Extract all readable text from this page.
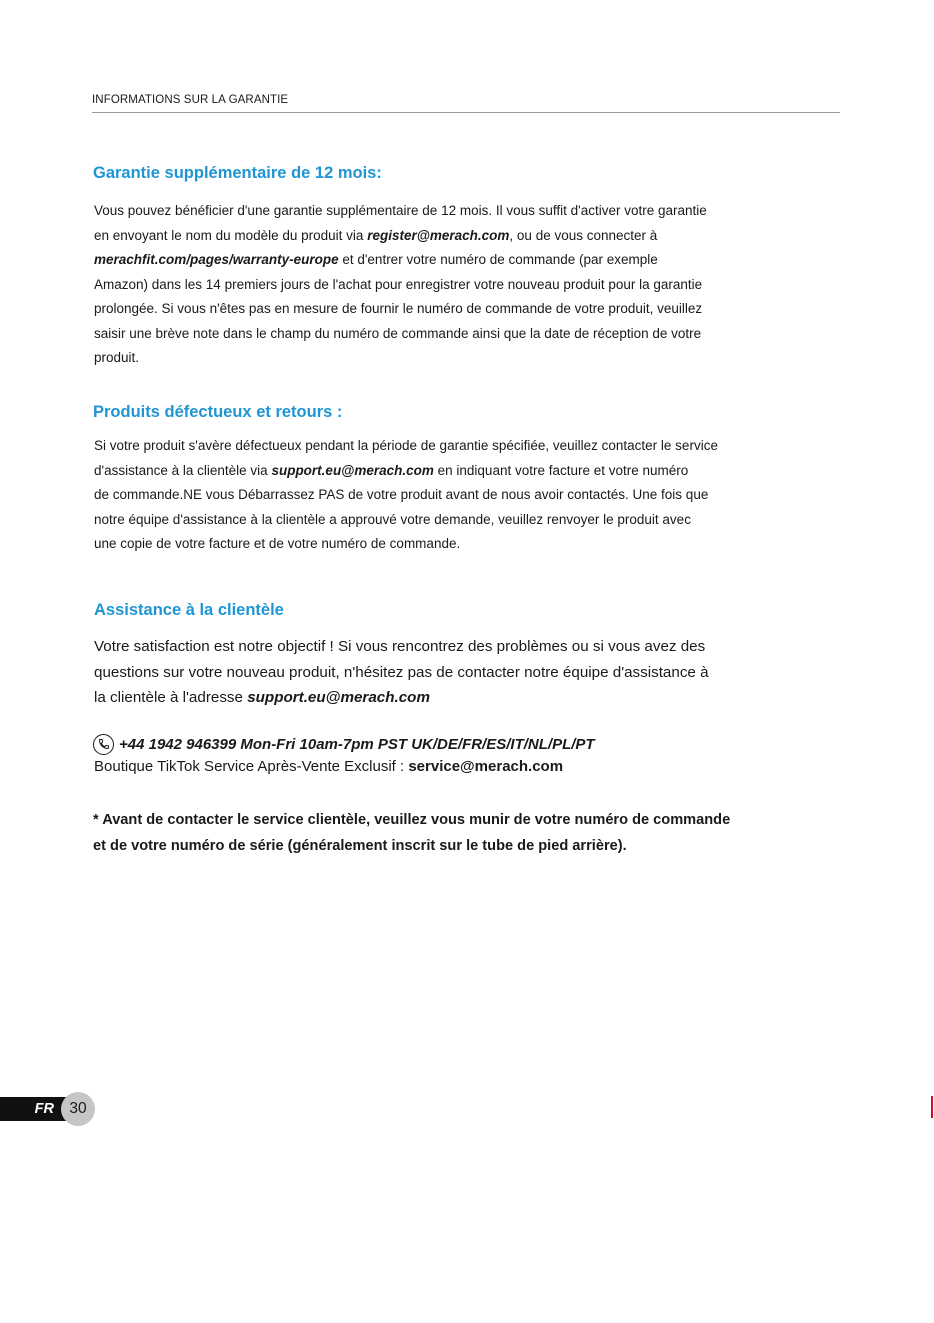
INFORMATIONS SUR LA GARANTIE
Garantie supplémentaire de 12 mois:
Vous pouvez bénéficier d'une garantie supplémentaire de 12 mois. Il vous suffit d'activer votre garantie
en envoyant le nom du modèle du produit via register@merach.com, ou de vous connecter à
merachfit.com/pages/warranty-europe et d'entrer votre numéro de commande (par exemple
Amazon) dans les 14 premiers jours de l'achat pour enregistrer votre nouveau produit pour la garantie
prolongée. Si vous n'êtes pas en mesure de fournir le numéro de commande de votre produit, veuillez
saisir une brève note dans le champ du numéro de commande ainsi que la date de réception de votre
produit.
Produits défectueux et retours :
Si votre produit s'avère défectueux pendant la période de garantie spécifiée, veuillez contacter le service
d'assistance à la clientèle via support.eu@merach.com en indiquant votre facture et votre numéro
de commande.NE vous Débarrassez PAS de votre produit avant de nous avoir contactés. Une fois que
notre équipe d'assistance à la clientèle a approuvé votre demande, veuillez renvoyer le produit avec
une copie de votre facture et de votre numéro de commande.
Assistance à la clientèle
Votre satisfaction est notre objectif ! Si vous rencontrez des problèmes ou si vous avez des
questions sur votre nouveau produit, n'hésitez pas de contacter notre équipe d'assistance à
la clientèle à l'adresse support.eu@merach.com
+44 1942 946399 Mon-Fri 10am-7pm PST UK/DE/FR/ES/IT/NL/PL/PT
Boutique TikTok Service Après-Vente Exclusif : service@merach.com
* Avant de contacter le service clientèle, veuillez vous munir de votre numéro de commande
et de votre numéro de série (généralement inscrit sur le tube de pied arrière).
FR 30
